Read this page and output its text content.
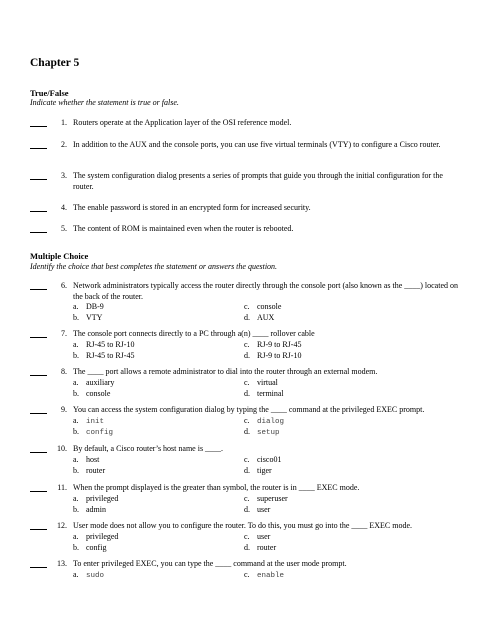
Chapter 5
True/False
Indicate whether the statement is true or false.
1. Routers operate at the Application layer of the OSI reference model.
2. In addition to the AUX and the console ports, you can use five virtual terminals (VTY) to configure a Cisco router.
3. The system configuration dialog presents a series of prompts that guide you through the initial configuration for the router.
4. The enable password is stored in an encrypted form for increased security.
5. The content of ROM is maintained even when the router is rebooted.
Multiple Choice
Identify the choice that best completes the statement or answers the question.
6. Network administrators typically access the router directly through the console port (also known as the ____) located on the back of the router.
a. DB-9	c. console
b. VTY	d. AUX
7. The console port connects directly to a PC through a(n) ____ rollover cable
a. RJ-45 to RJ-10	c. RJ-9 to RJ-45
b. RJ-45 to RJ-45	d. RJ-9 to RJ-10
8. The ____ port allows a remote administrator to dial into the router through an external modem.
a. auxiliary	c. virtual
b. console	d. terminal
9. You can access the system configuration dialog by typing the ____ command at the privileged EXEC prompt.
a. init	c. dialog
b. config	d. setup
10. By default, a Cisco router’s host name is ____.
a. host	c. cisco01
b. router	d. tiger
11. When the prompt displayed is the greater than symbol, the router is in ____ EXEC mode.
a. privileged	c. superuser
b. admin	d. user
12. User mode does not allow you to configure the router. To do this, you must go into the ____ EXEC mode.
a. privileged	c. user
b. config	d. router
13. To enter privileged EXEC, you can type the ____ command at the user mode prompt.
a. sudo	c. enable
